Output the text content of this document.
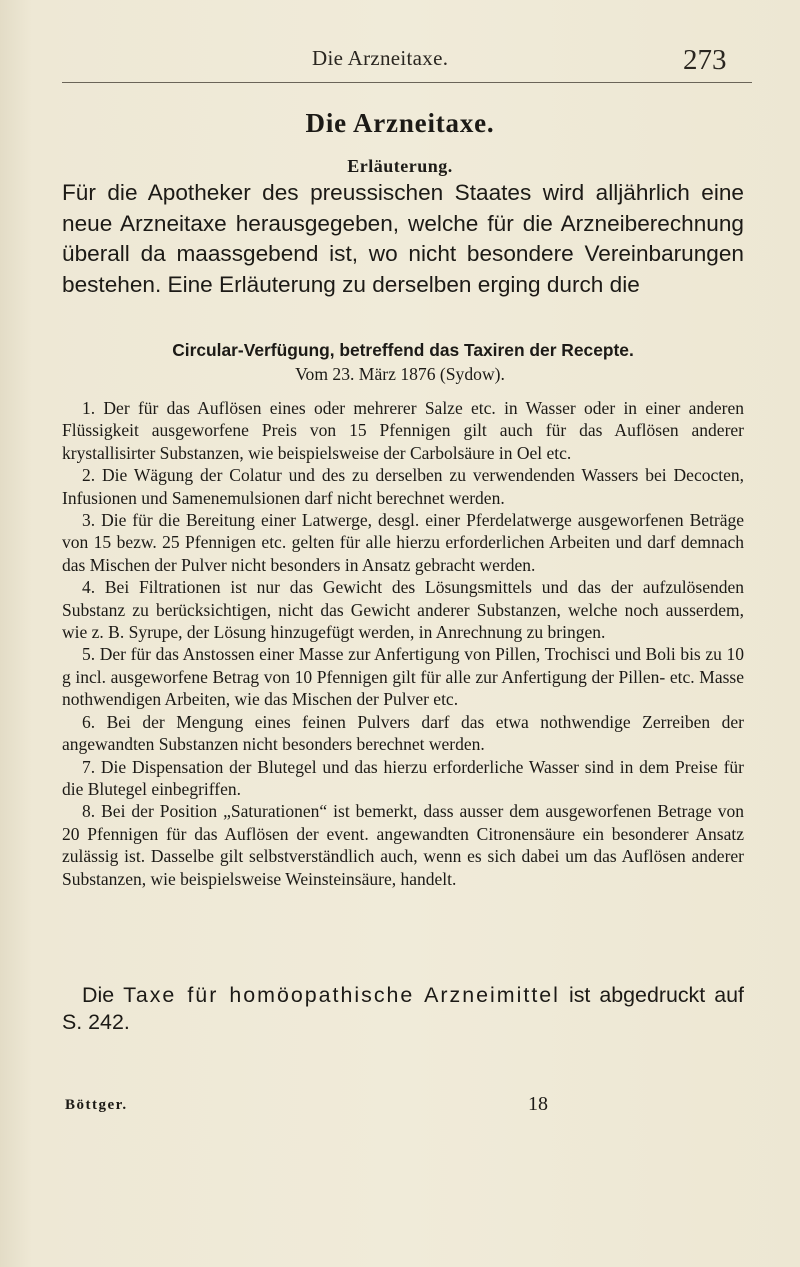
Die Arzneitaxe.	273
Die Arzneitaxe.
Erläuterung.

Für die Apotheker des preussischen Staates wird alljährlich eine neue Arzneitaxe herausgegeben, welche für die Arzneiberechnung überall da maassgebend ist, wo nicht besondere Vereinbarungen bestehen. Eine Erläuterung zu derselben erging durch die

Circular-Verfügung, betreffend das Taxiren der Recepte.
Vom 23. März 1876 (Sydow).
1. Der für das Auflösen eines oder mehrerer Salze etc. in Wasser oder in einer anderen Flüssigkeit ausgeworfene Preis von 15 Pfennigen gilt auch für das Auflösen anderer krystallisirter Substanzen, wie beispielsweise der Carbolsäure in Oel etc.
2. Die Wägung der Colatur und des zu derselben zu verwendenden Wassers bei Decocten, Infusionen und Samenemulsionen darf nicht berechnet werden.
3. Die für die Bereitung einer Latwerge, desgl. einer Pferdelatwerge ausgeworfenen Beträge von 15 bezw. 25 Pfennigen etc. gelten für alle hierzu erforderlichen Arbeiten und darf demnach das Mischen der Pulver nicht besonders in Ansatz gebracht werden.
4. Bei Filtrationen ist nur das Gewicht des Lösungsmittels und das der aufzulösenden Substanz zu berücksichtigen, nicht das Gewicht anderer Substanzen, welche noch ausserdem, wie z. B. Syrupe, der Lösung hinzugefügt werden, in Anrechnung zu bringen.
5. Der für das Anstossen einer Masse zur Anfertigung von Pillen, Trochisci und Boli bis zu 10 g incl. ausgeworfene Betrag von 10 Pfennigen gilt für alle zur Anfertigung der Pillen- etc. Masse nothwendigen Arbeiten, wie das Mischen der Pulver etc.
6. Bei der Mengung eines feinen Pulvers darf das etwa nothwendige Zerreiben der angewandten Substanzen nicht besonders berechnet werden.
7. Die Dispensation der Blutegel und das hierzu erforderliche Wasser sind in dem Preise für die Blutegel einbegriffen.
8. Bei der Position „Saturationen“ ist bemerkt, dass ausser dem ausgeworfenen Betrage von 20 Pfennigen für das Auflösen der event. angewandten Citronensäure ein besonderer Ansatz zulässig ist. Dasselbe gilt selbstverständlich auch, wenn es sich dabei um das Auflösen anderer Substanzen, wie beispielsweise Weinsteinsäure, handelt.

Die Taxe für homöopathische Arzneimittel ist abgedruckt auf S. 242.

Böttger.	18
